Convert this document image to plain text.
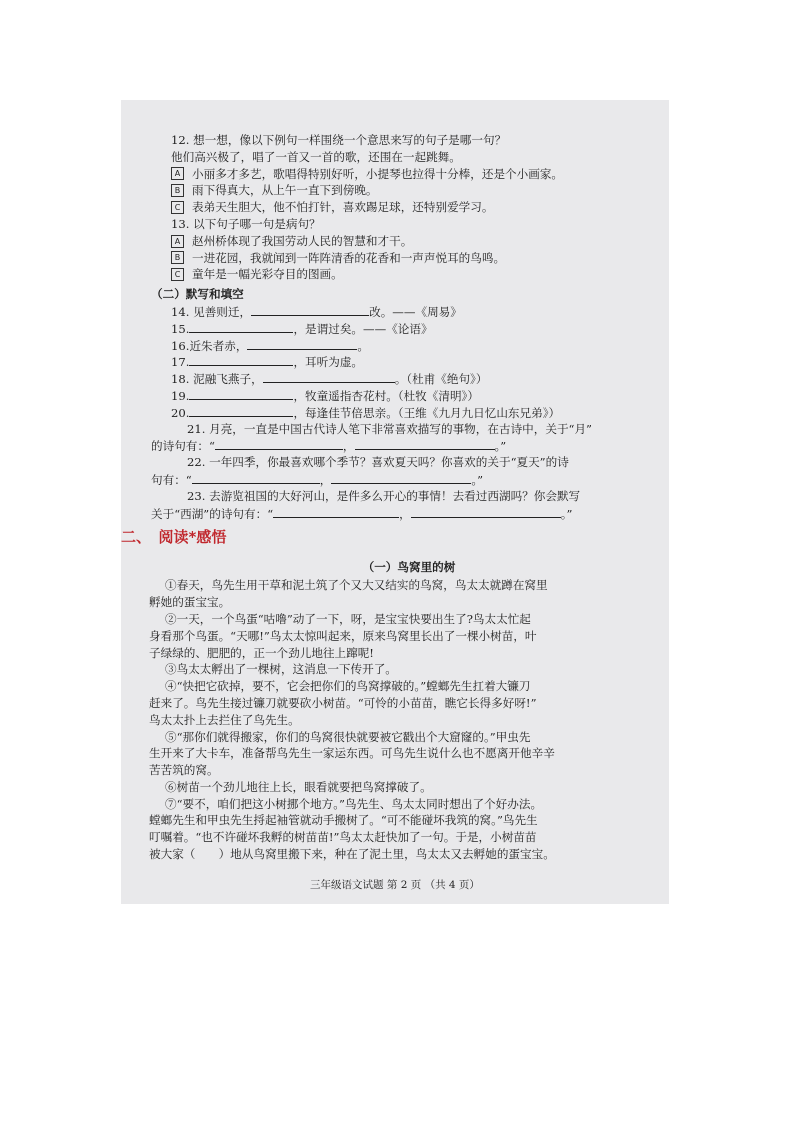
12. 想一想，像以下例句一样围绕一个意思来写的句子是哪一句？
他们高兴极了，唱了一首又一首的歌，还围在一起跳舞。
A	小丽多才多艺，歌唱得特别好听，小提琴也拉得十分棒，还是个小画家。
B	雨下得真大，从上午一直下到傍晚。
C	表弟天生胆大，他不怕打针，喜欢踢足球，还特别爱学习。
13. 以下句子哪一句是病句？
A	赵州桥体现了我国劳动人民的智慧和才干。
B	一进花园，我就闻到一阵阵清香的花香和一声声悦耳的鸟鸣。
C	童年是一幅光彩夺目的图画。
（二）默写和填空
14. 见善则迁，	改。——《周易》
15.	，是谓过矣。——《论语》
16.近朱者赤，	。
17.	，耳听为虚。
18. 泥融飞燕子，	。（杜甫《绝句》）
19.	，牧童遥指杏花村。（杜牧《清明》）
20.	，每逢佳节倍思亲。（王维《九月九日忆山东兄弟》）
21. 月亮，一直是中国古代诗人笔下非常喜欢描写的事物，在古诗中，关于“月”
的诗句有：“	，	。”
22. 一年四季，你最喜欢哪个季节？喜欢夏天吗？你喜欢的关于“夏天”的诗
句有：“	，	。”
23. 去游览祖国的大好河山，是件多么开心的事情！去看过西湖吗？你会默写
关于“西湖”的诗句有：“	，	。”
二、　阅读*感悟
（一）鸟窝里的树
①春天，鸟先生用干草和泥土筑了个又大又结实的鸟窝，鸟太太就蹲在窝里
孵她的蛋宝宝。
②一天，一个鸟蛋“咕噜”动了一下，呀，是宝宝快要出生了?鸟太太忙起
身看那个鸟蛋。“天哪!”鸟太太惊叫起来，原来鸟窝里长出了一棵小树苗，叶
子绿绿的、肥肥的，正一个劲儿地往上蹿呢!
③鸟太太孵出了一棵树，这消息一下传开了。
④“快把它砍掉，要不，它会把你们的鸟窝撑破的。”螳螂先生扛着大镰刀
赶来了。鸟先生接过镰刀就要砍小树苗。“可怜的小苗苗，瞧它长得多好呀!”
鸟太太扑上去拦住了鸟先生。
⑤“那你们就得搬家，你们的鸟窝很快就要被它戳出个大窟窿的。”甲虫先
生开来了大卡车，准备帮鸟先生一家运东西。可鸟先生说什么也不愿离开他辛辛
苦苦筑的窝。
⑥树苗一个劲儿地往上长，眼看就要把鸟窝撑破了。
⑦“要不，咱们把这小树挪个地方。”鸟先生、鸟太太同时想出了个好办法。
螳螂先生和甲虫先生捋起袖管就动手搬树了。“可不能碰坏我筑的窝。”鸟先生
叮嘱着。“也不许碰坏我孵的树苗苗!”鸟太太赶快加了一句。于是，小树苗苗
被大家（　　）地从鸟窝里搬下来，种在了泥土里，鸟太太又去孵她的蛋宝宝。
三年级语文试题 第 2 页 （共 4 页）
